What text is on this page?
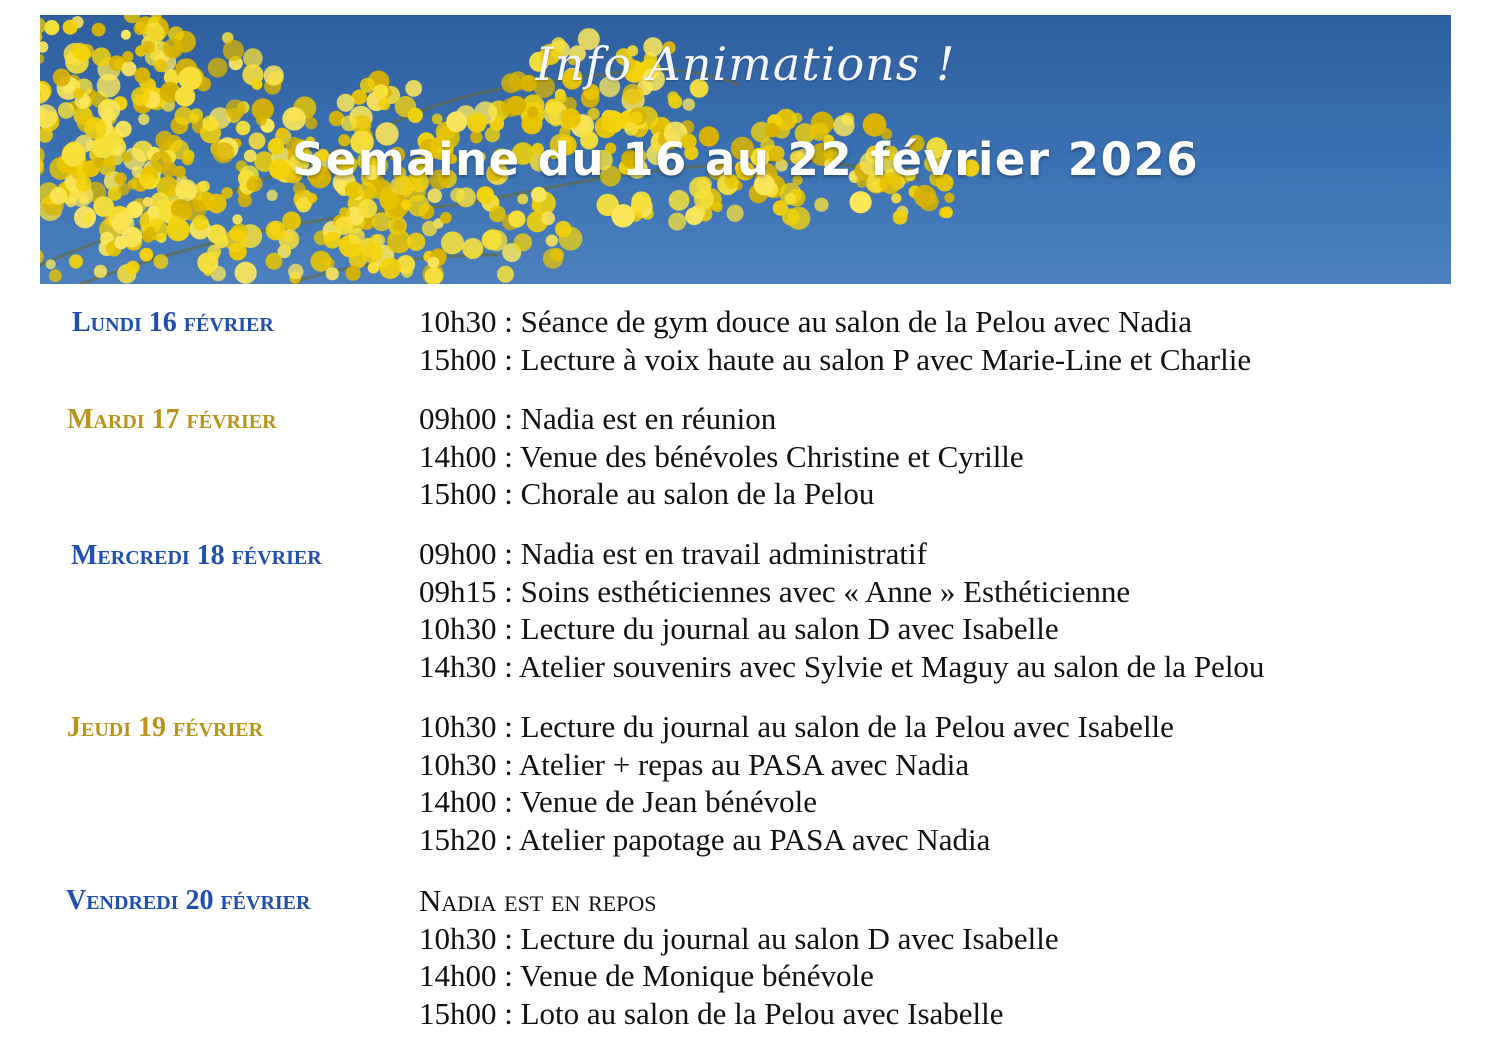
Info Animations !
Semaine du 16 au 22 février 2026
Lundi 16 février	10h30 : Séance de gym douce au salon de la Pelou avec Nadia
15h00 : Lecture à voix haute au salon P avec Marie-Line et Charlie
Mardi 17 février	09h00 : Nadia est en réunion
14h00 : Venue des bénévoles Christine et Cyrille
15h00 : Chorale au salon de la Pelou
Mercredi 18 février	09h00 : Nadia est en travail administratif
09h15 : Soins esthéticiennes avec « Anne » Esthéticienne
10h30 : Lecture du journal au salon D avec Isabelle
14h30 : Atelier souvenirs avec Sylvie et Maguy au salon de la Pelou
Jeudi 19 février	10h30 : Lecture du journal au salon de la Pelou avec Isabelle
10h30 : Atelier + repas au PASA avec Nadia
14h00 : Venue de Jean bénévole
15h20 : Atelier papotage au PASA avec Nadia
Vendredi 20 février	Nadia est en repos
10h30 : Lecture du journal au salon D avec Isabelle
14h00 : Venue de Monique bénévole
15h00 : Loto au salon de la Pelou avec Isabelle
